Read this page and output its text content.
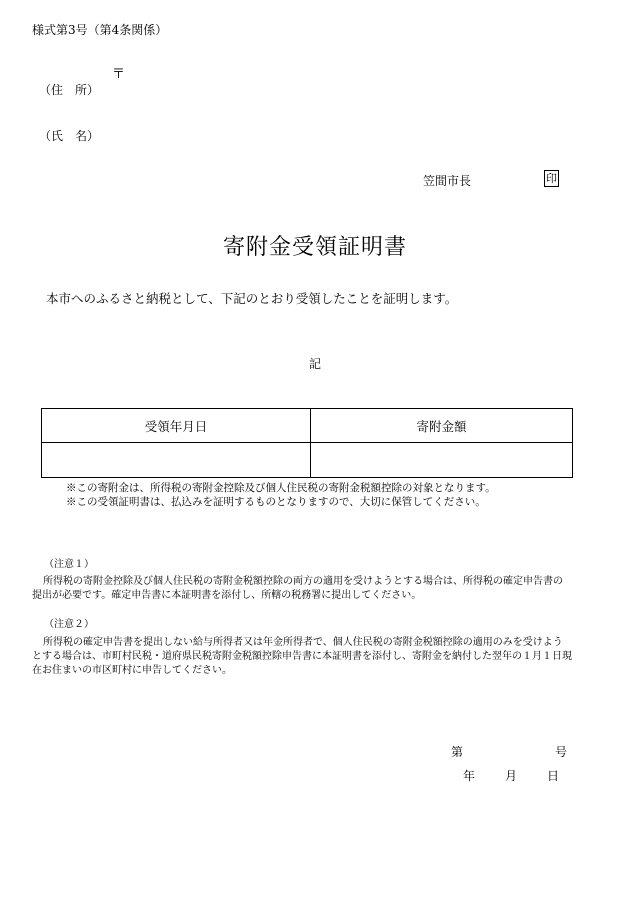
様式第3号（第4条関係）
〒
（住　所）
（氏　名）
笠間市長	印
寄附金受領証明書
本市へのふるさと納税として、下記のとおり受領したことを証明します。
記
受領年月日	寄附金額

※この寄附金は、所得税の寄附金控除及び個人住民税の寄附金税額控除の対象となります。
※この受領証明書は、払込みを証明するものとなりますので、大切に保管してください。
（注意１）
所得税の寄附金控除及び個人住民税の寄附金税額控除の両方の適用を受けようとする場合は、所得税の確定申告書の提出が必要です。確定申告書に本証明書を添付し、所轄の税務署に提出してください。
（注意２）
所得税の確定申告書を提出しない給与所得者又は年金所得者で、個人住民税の寄附金税額控除の適用のみを受けようとする場合は、市町村民税・道府県民税寄附金税額控除申告書に本証明書を添付し、寄附金を納付した翌年の１月１日現在お住まいの市区町村に申告してください。
第	号
年 月 日
